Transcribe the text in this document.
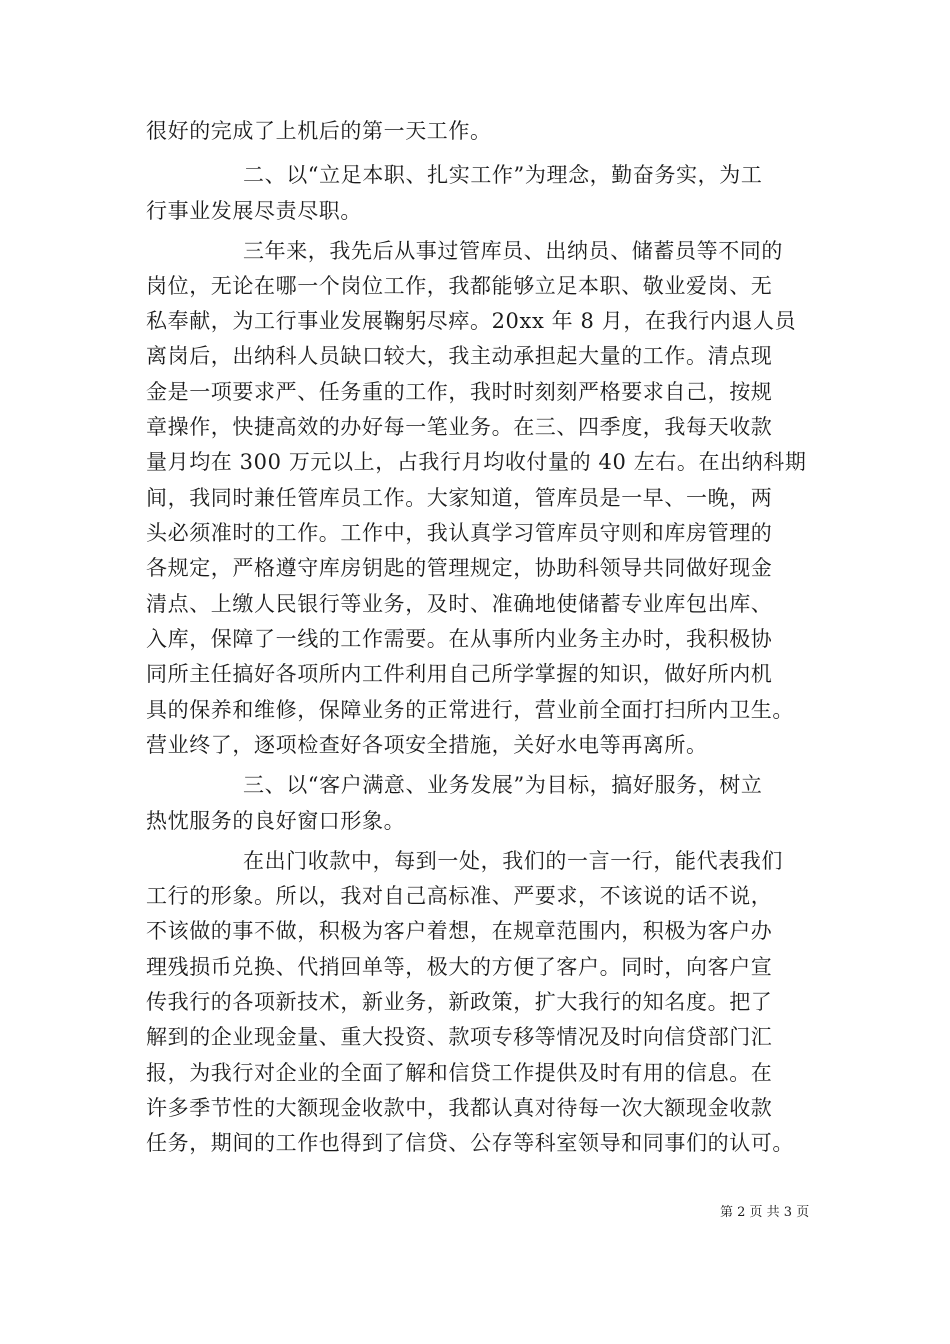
很好的完成了上机后的第一天工作。
二、以“立足本职、扎实工作”为理念，勤奋务实，为工
行事业发展尽责尽职。
三年来，我先后从事过管库员、出纳员、储蓄员等不同的
岗位，无论在哪一个岗位工作，我都能够立足本职、敬业爱岗、无
私奉献，为工行事业发展鞠躬尽瘁。20xx 年 8 月，在我行内退人员
离岗后，出纳科人员缺口较大，我主动承担起大量的工作。清点现
金是一项要求严、任务重的工作，我时时刻刻严格要求自己，按规
章操作，快捷高效的办好每一笔业务。在三、四季度，我每天收款
量月均在 300 万元以上，占我行月均收付量的 40 左右。在出纳科期
间，我同时兼任管库员工作。大家知道，管库员是一早、一晚，两
头必须准时的工作。工作中，我认真学习管库员守则和库房管理的
各规定，严格遵守库房钥匙的管理规定，协助科领导共同做好现金
清点、上缴人民银行等业务，及时、准确地使储蓄专业库包出库、
入库，保障了一线的工作需要。在从事所内业务主办时，我积极协
同所主任搞好各项所内工件利用自己所学掌握的知识，做好所内机
具的保养和维修，保障业务的正常进行，营业前全面打扫所内卫生。
营业终了，逐项检查好各项安全措施，关好水电等再离所。
三、以“客户满意、业务发展”为目标，搞好服务，树立
热忱服务的良好窗口形象。
在出门收款中，每到一处，我们的一言一行，能代表我们
工行的形象。所以，我对自己高标准、严要求，不该说的话不说，
不该做的事不做，积极为客户着想，在规章范围内，积极为客户办
理残损币兑换、代捎回单等，极大的方便了客户。同时，向客户宣
传我行的各项新技术，新业务，新政策，扩大我行的知名度。把了
解到的企业现金量、重大投资、款项专移等情况及时向信贷部门汇
报，为我行对企业的全面了解和信贷工作提供及时有用的信息。在
许多季节性的大额现金收款中，我都认真对待每一次大额现金收款
任务，期间的工作也得到了信贷、公存等科室领导和同事们的认可。
第 2 页 共 3 页
